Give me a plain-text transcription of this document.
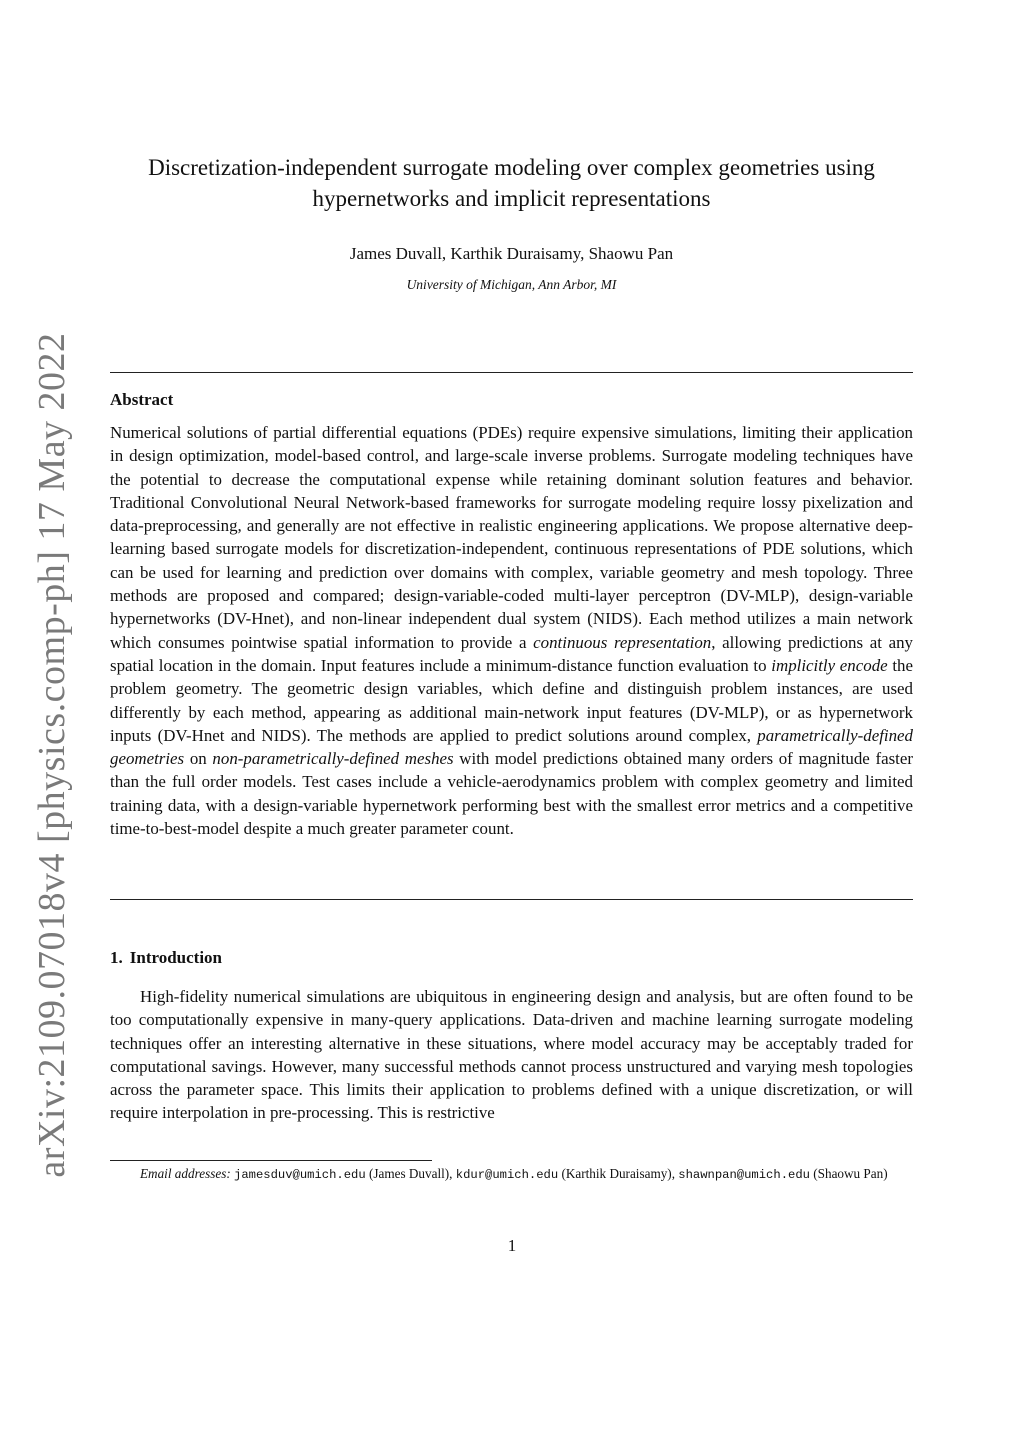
arXiv:2109.07018v4 [physics.comp-ph] 17 May 2022
Discretization-independent surrogate modeling over complex geometries using hypernetworks and implicit representations
James Duvall, Karthik Duraisamy, Shaowu Pan
University of Michigan, Ann Arbor, MI
Abstract

Numerical solutions of partial differential equations (PDEs) require expensive simulations, limiting their application in design optimization, model-based control, and large-scale inverse problems. Surrogate modeling techniques have the potential to decrease the computational expense while retaining dominant solution features and behavior. Traditional Convolutional Neural Network-based frameworks for surrogate modeling require lossy pixelization and data-preprocessing, and generally are not effective in realistic engineering applications. We propose alternative deep-learning based surrogate models for discretization-independent, continuous representations of PDE solutions, which can be used for learning and prediction over domains with complex, variable geometry and mesh topology. Three methods are proposed and compared; design-variable-coded multi-layer perceptron (DV-MLP), design-variable hypernetworks (DV-Hnet), and non-linear independent dual system (NIDS). Each method utilizes a main network which consumes pointwise spatial information to provide a continuous representation, allowing predictions at any spatial location in the domain. Input features include a minimum-distance function evaluation to implicitly encode the problem geometry. The geometric design variables, which define and distinguish problem instances, are used differently by each method, appearing as additional main-network input features (DV-MLP), or as hypernetwork inputs (DV-Hnet and NIDS). The methods are applied to predict solutions around complex, parametrically-defined geometries on non-parametrically-defined meshes with model predictions obtained many orders of magnitude faster than the full order models. Test cases include a vehicle-aerodynamics problem with complex geometry and limited training data, with a design-variable hypernetwork performing best with the smallest error metrics and a competitive time-to-best-model despite a much greater parameter count.

1. Introduction

High-fidelity numerical simulations are ubiquitous in engineering design and analysis, but are often found to be too computationally expensive in many-query applications. Data-driven and machine learning surrogate modeling techniques offer an interesting alternative in these situations, where model accuracy may be acceptably traded for computational savings. However, many successful methods cannot process unstructured and varying mesh topologies across the parameter space. This limits their application to problems defined with a unique discretization, or will require interpolation in pre-processing. This is restrictive

Email addresses: jamesduv@umich.edu (James Duvall), kdur@umich.edu (Karthik Duraisamy), shawnpan@umich.edu (Shaowu Pan)

1
